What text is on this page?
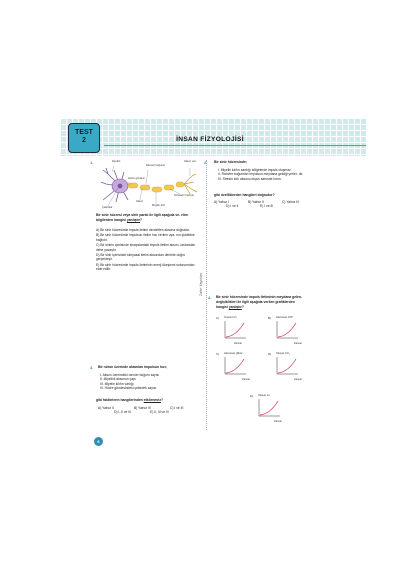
TEST
2	İNSAN FİZYOLOJİSİ
Zafer Yayınları
1.	Dendrit	Akson ucu
Ranvier boğumu
Hücre gövdesi
Schwann hücresi
Akson
Miyelin kılıf
Çekirdek
Bir sinir hücresi veya sinir paralı ile ilgili aşağıda ve- rilen bilgilerden hangisi yanlıştır?
A) Bir sinir hücresinde impuls iletimi dendritten aksona doğrudur.
B) Bir sinir hücresinde impulsun iletim hızı verilen uya- nın şiddetine bağlıdır.
C) Bir sinirin içerisinde sinapslardaki impuls iletimi akson- lardandan dehe yavaştır.
D) Bir sinir içerisinde kimyasal iletim aksondan dentrite doğru gerçekleşir.
E) Bir sinir hücresinde impuls iletiminin enerji ükeşiemi sotonumdan elde edilir.
2. Bir sinir hücresinde;
I. Miyelin kılıfın sardığı bölgelerde impuls oluşmaz.
II. Ranvier boğumları impulsun meydana geldiği yerler- dir.
III. Stresin lorlı aksonu dışarı sarsnde lorun.
gibi özelliklerden hangileri doğrudur?
A) Yalnız I	B) Yalnız II	C) Yalnız III
D) I ve II	E) I ve III
3. Bir nöron üzerinde aktarılan impulsun hızı;
I. Akson üzerindeki ranvier boğum sayısı
II. Miyelinli aksonun çapı
III. Miyelin kılıfın varlığı
IV. Hücre gövdesindeki çekirdek sayısı
gibi faktörlerin hangilerinden etkilenmez?
A) Yalnız II	B) Yalnız IV	C) I ve III
D) I, II ve III	E) II, III ve IV
4. Bir sinir hücresinde impuls iletiminin meydana gelen-
değişiklikleri ile ilgili aşağıda verilen grafiklerden
hangisi yanlıştır?
A) İmpuls hızı	B) Harcanan ATP
Zaman
C) Harcanan glikoz
Zaman
D) Oluşan CO₂
Zaman
E) Oluşan su
Zaman
Zaman
6
